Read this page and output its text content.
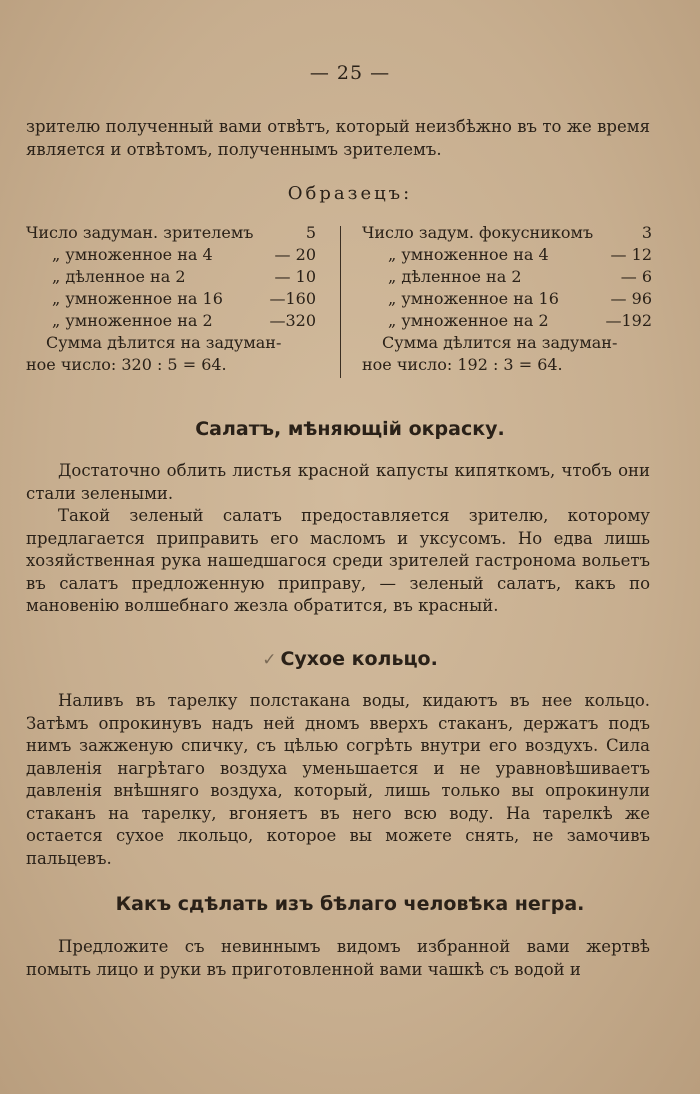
— 25 —

зрителю полученный вами отвѣтъ, который неизбѣжно въ то же время является и отвѣтомъ, полученнымъ зрителемъ.

Образецъ:
Число задуман. зрителемъ	5
„ умноженное на 4	— 20
„ дѣленное на 2	— 10
„ умноженное на 16	—160
„ умноженное на 2	—320
Сумма дѣлится на задуман-
ное число: 320 : 5 = 64.
Число задум. фокусникомъ	3
„ умноженное на 4	— 12
„ дѣленное на 2	— 6
„ умноженное на 16	— 96
„ умноженное на 2	—192
Сумма дѣлится на задуман-
ное число: 192 : 3 = 64.
Салатъ, мѣняющій окраску.

Достаточно облить листья красной капусты кипяткомъ, чтобъ они стали зелеными.

Такой зеленый салатъ предоставляется зрителю, которому предлагается приправить его масломъ и уксусомъ. Но едва лишь хозяйственная рука нашедшагося среди зрителей гастронома вольетъ въ салатъ предложенную приправу, — зеленый салатъ, какъ по мановенію волшебнаго жезла обратится, въ красный.

✓ Сухое кольцо.

Наливъ въ тарелку полстакана воды, кидаютъ въ нее кольцо. Затѣмъ опрокинувъ надъ ней дномъ вверхъ стаканъ, держатъ подъ нимъ зажженую спичку, съ цѣлью согрѣть внутри его воздухъ. Сила давленія нагрѣтаго воздуха уменьшается и не уравновѣшиваетъ давленія внѣшняго воздуха, который, лишь только вы опрокинули стаканъ на тарелку, вгоняетъ въ него всю воду. На тарелкѣ же остается сухое лкольцо, которое вы можете снять, не замочивъ пальцевъ.

Какъ сдѣлать изъ бѣлаго человѣка негра.

Предложите съ невиннымъ видомъ избранной вами жертвѣ помыть лицо и руки въ приготовленной вами чашкѣ съ водой и
